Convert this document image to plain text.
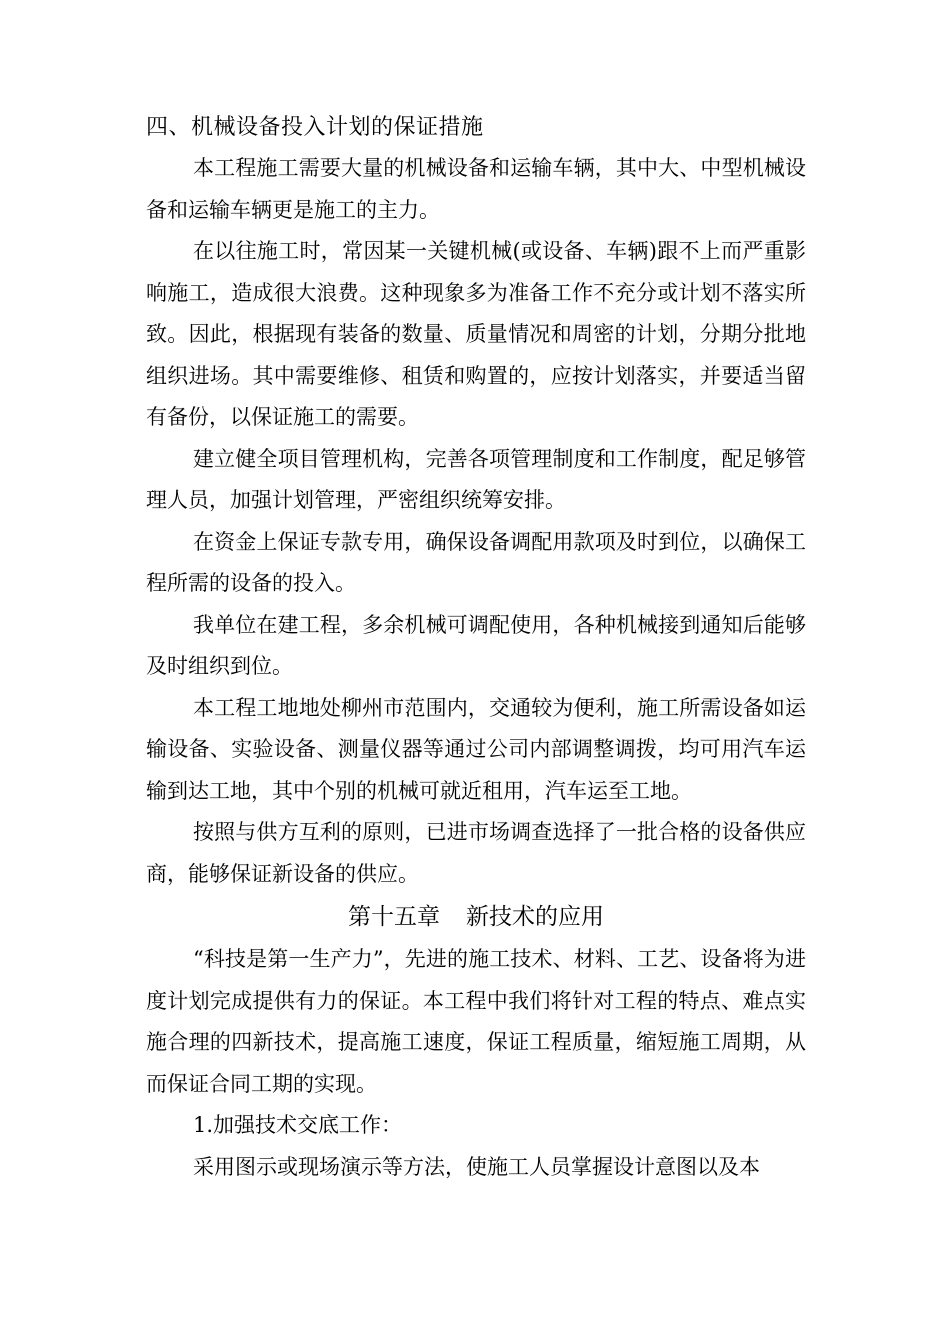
四、机械设备投入计划的保证措施

本工程施工需要大量的机械设备和运输车辆，其中大、中型机械设备和运输车辆更是施工的主力。

在以往施工时，常因某一关键机械(或设备、车辆)跟不上而严重影响施工，造成很大浪费。这种现象多为准备工作不充分或计划不落实所致。因此，根据现有装备的数量、质量情况和周密的计划，分期分批地组织进场。其中需要维修、租赁和购置的，应按计划落实，并要适当留有备份，以保证施工的需要。

建立健全项目管理机构，完善各项管理制度和工作制度，配足够管理人员，加强计划管理，严密组织统筹安排。

在资金上保证专款专用，确保设备调配用款项及时到位，以确保工程所需的设备的投入。

我单位在建工程，多余机械可调配使用，各种机械接到通知后能够及时组织到位。

本工程工地地处柳州市范围内，交通较为便利，施工所需设备如运输设备、实验设备、测量仪器等通过公司内部调整调拨，均可用汽车运输到达工地，其中个别的机械可就近租用，汽车运至工地。

按照与供方互利的原则，已进市场调查选择了一批合格的设备供应商，能够保证新设备的供应。

第十五章 新技术的应用

“科技是第一生产力”，先进的施工技术、材料、工艺、设备将为进度计划完成提供有力的保证。本工程中我们将针对工程的特点、难点实施合理的四新技术，提高施工速度，保证工程质量，缩短施工周期，从而保证合同工期的实现。

1.加强技术交底工作：

采用图示或现场演示等方法，使施工人员掌握设计意图以及本
